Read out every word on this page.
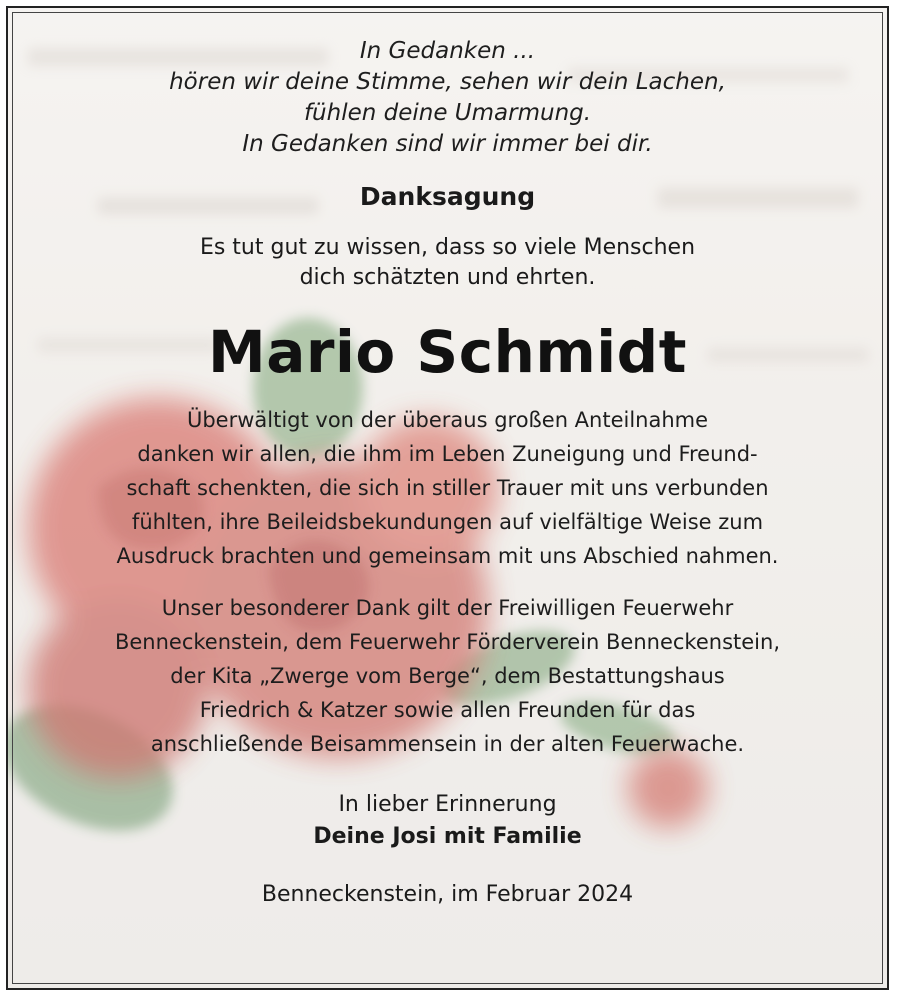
In Gedanken ...
hören wir deine Stimme, sehen wir dein Lachen,
fühlen deine Umarmung.
In Gedanken sind wir immer bei dir.
Danksagung
Es tut gut zu wissen, dass so viele Menschen
dich schätzten und ehrten.
Mario Schmidt
Überwältigt von der überaus großen Anteilnahme
danken wir allen, die ihm im Leben Zuneigung und Freund-
schaft schenkten, die sich in stiller Trauer mit uns verbunden
fühlten, ihre Beileidsbekundungen auf vielfältige Weise zum
Ausdruck brachten und gemeinsam mit uns Abschied nahmen.
Unser besonderer Dank gilt der Freiwilligen Feuerwehr
Benneckenstein, dem Feuerwehr Förderverein Benneckenstein,
der Kita „Zwerge vom Berge“, dem Bestattungshaus
Friedrich & Katzer sowie allen Freunden für das
anschließende Beisammensein in der alten Feuerwache.
In lieber Erinnerung
Deine Josi mit Familie
Benneckenstein, im Februar 2024
